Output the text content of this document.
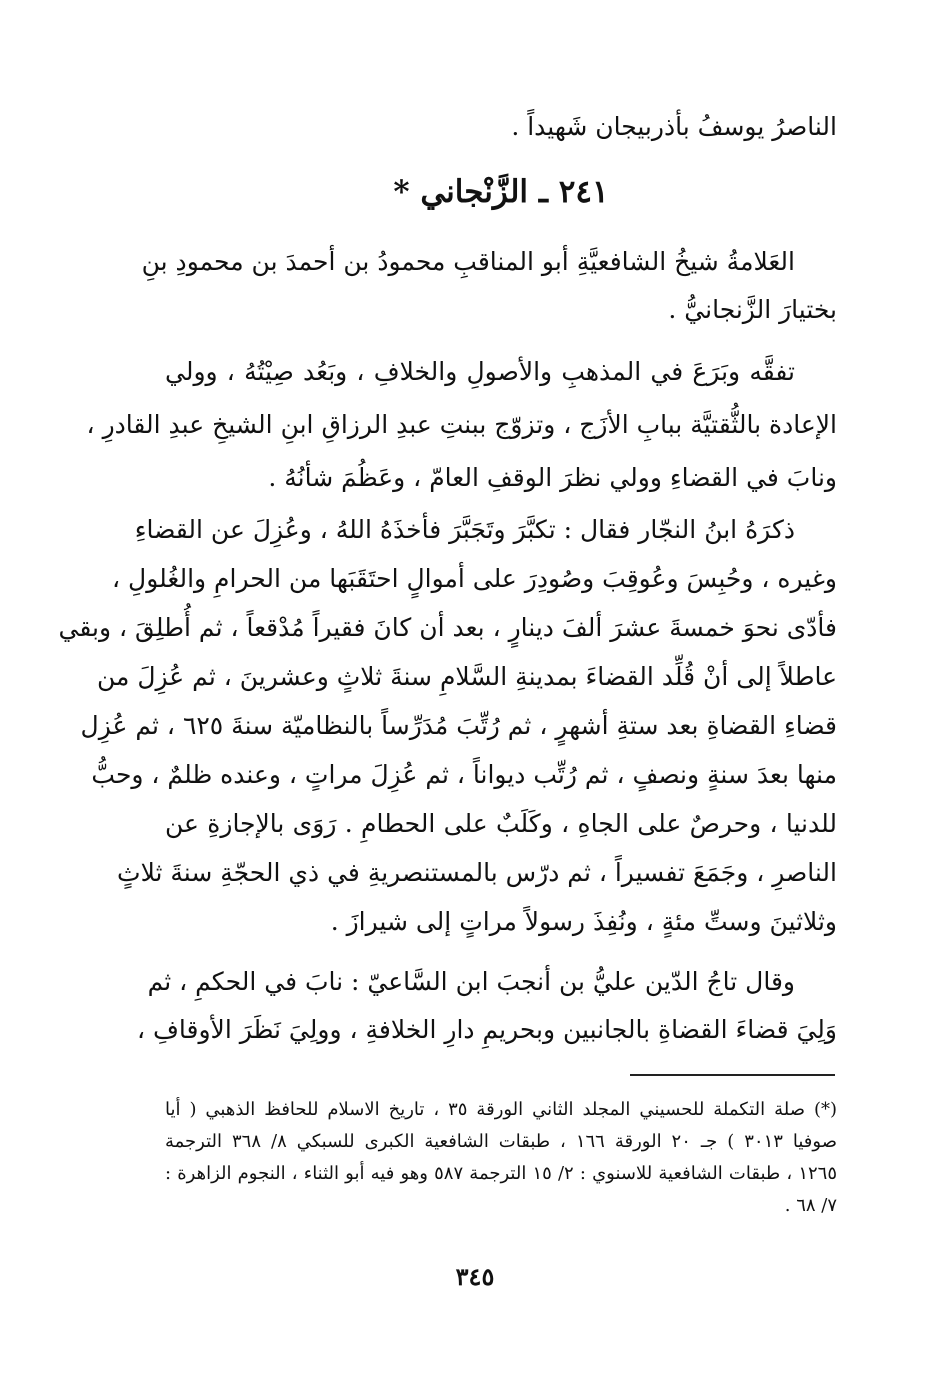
الناصرُ يوسفُ بأذربيجان شَهيداً .
٢٤١ ـ الزَّنْجاني *
العَلامةُ شيخُ الشافعيَّةِ أبو المناقبِ محمودُ بن أحمدَ بن محمودِ بنِ
بختيارَ الزَّنجانيُّ .
تفقَّه وبَرَعَ في المذهبِ والأصولِ والخلافِ ، وبَعُد صِيْتُهُ ، وولي
الإعادة بالثُّقتيَّة ببابِ الأزَج ، وتزوّج ببنتِ عبدِ الرزاقِ ابنِ الشيخِ عبدِ القادرِ ،
ونابَ في القضاءِ وولي نظرَ الوقفِ العامّ ، وعَظُمَ شأنُهُ .
ذكرَهُ ابنُ النجّار فقال : تكبَّرَ وتَجَبَّرَ فأخذَهُ اللهُ ، وعُزِلَ عن القضاءِ
وغيره ، وحُبِسَ وعُوقِبَ وصُودِرَ على أموالٍ احتَقَبَها من الحرامِ والغُلولِ ،
فأدّى نحوَ خمسةَ عشرَ ألفَ دينارٍ ، بعد أن كانَ فقيراً مُدْقعاً ، ثم أُطلِقَ ، وبقي
عاطلاً إلى أنْ قُلِّد القضاءَ بمدينةِ السَّلامِ سنةَ ثلاثٍ وعشرينَ ، ثم عُزِلَ من
قضاءِ القضاةِ بعد ستةِ أشهرٍ ، ثم رُتِّبَ مُدَرِّساً بالنظاميّة سنةَ ٦٢٥ ، ثم عُزِل
منها بعدَ سنةٍ ونصفٍ ، ثم رُتِّب ديواناً ، ثم عُزِلَ مراتٍ ، وعنده ظلمٌ ، وحبُّ
للدنيا ، وحرصٌ على الجاهِ ، وكَلَبٌ على الحطامِ . رَوَى بالإجازةِ عن
الناصرِ ، وجَمَعَ تفسيراً ، ثم درّس بالمستنصريةِ في ذي الحجّةِ سنةَ ثلاثٍ
وثلاثينَ وستِّ مئةٍ ، ونُفِذَ رسولاً مراتٍ إلى شيرازَ .
وقال تاجُ الدّين عليُّ بن أنجبَ ابن السَّاعيّ : نابَ في الحكمِ ، ثم
وَلِيَ قضاءَ القضاةِ بالجانبين وبحريمِ دارِ الخلافةِ ، وولِيَ نَظَرَ الأوقافِ ،
(*) صلة التكملة للحسيني المجلد الثاني الورقة ٣٥ ، تاريخ الاسلام للحافظ الذهبي ( أيا
صوفيا ٣٠١٣ ) جـ ٢٠ الورقة ١٦٦ ، طبقات الشافعية الكبرى للسبكي ٨/ ٣٦٨ الترجمة
١٢٦٥ ، طبقات الشافعية للاسنوي : ٢/ ١٥ الترجمة ٥٨٧ وهو فيه أبو الثناء ، النجوم الزاهرة :
٧/ ٦٨ .
٣٤٥
